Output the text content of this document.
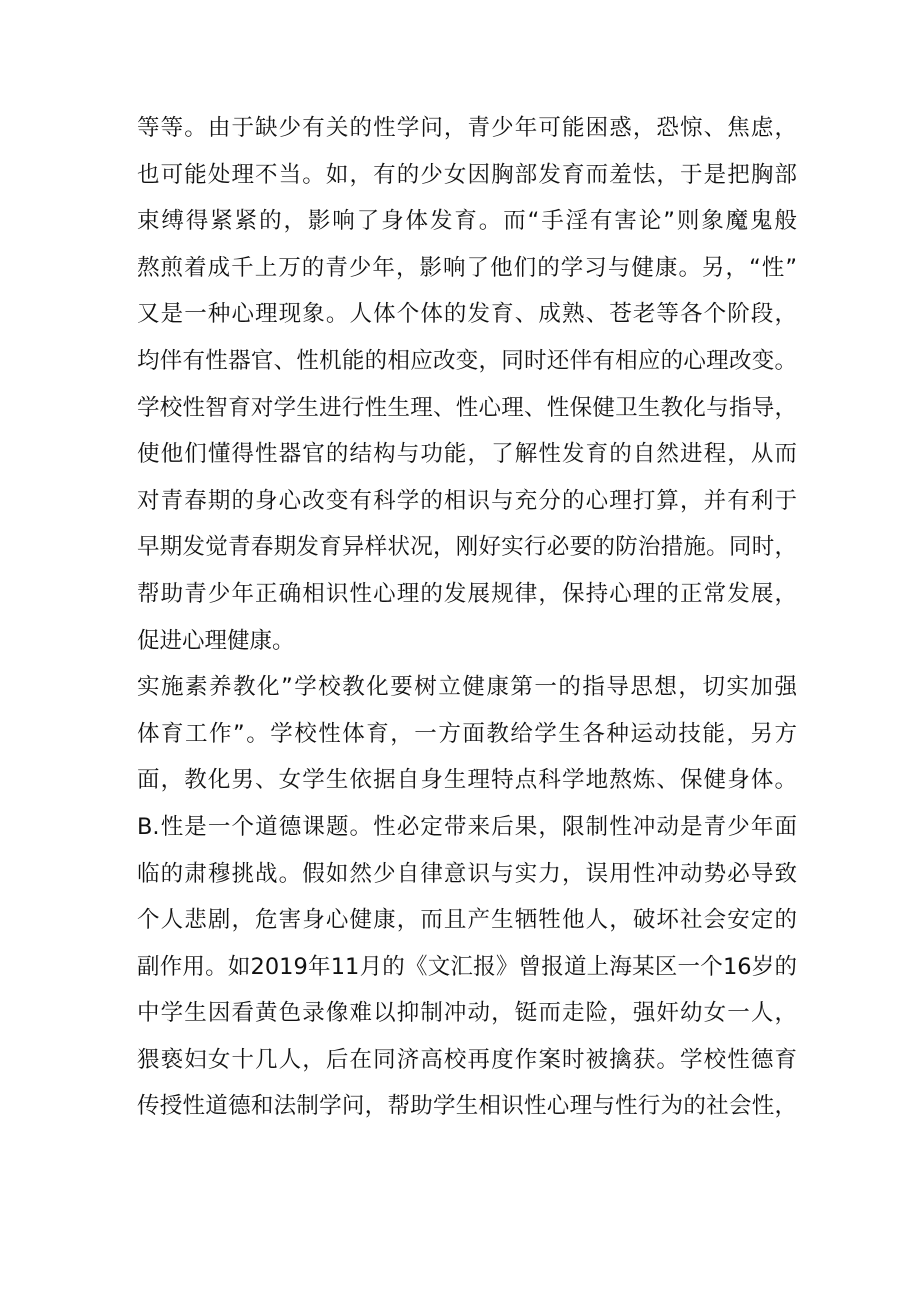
等等。由于缺少有关的性学问，青少年可能困惑，恐惊、焦虑，
也可能处理不当。如，有的少女因胸部发育而羞怯，于是把胸部
束缚得紧紧的，影响了身体发育。而“手淫有害论”则象魔鬼般
熬煎着成千上万的青少年，影响了他们的学习与健康。另，“性”
又是一种心理现象。人体个体的发育、成熟、苍老等各个阶段，
均伴有性器官、性机能的相应改变，同时还伴有相应的心理改变。
学校性智育对学生进行性生理、性心理、性保健卫生教化与指导，
使他们懂得性器官的结构与功能，了解性发育的自然进程，从而
对青春期的身心改变有科学的相识与充分的心理打算，并有利于
早期发觉青春期发育异样状况，刚好实行必要的防治措施。同时，
帮助青少年正确相识性心理的发展规律，保持心理的正常发展，
促进心理健康。
实施素养教化”学校教化要树立健康第一的指导思想，切实加强
体育工作”。学校性体育，一方面教给学生各种运动技能，另方
面，教化男、女学生依据自身生理特点科学地熬炼、保健身体。
B.性是一个道德课题。性必定带来后果，限制性冲动是青少年面
临的肃穆挑战。假如然少自律意识与实力，误用性冲动势必导致
个人悲剧，危害身心健康，而且产生牺牲他人，破坏社会安定的
副作用。如2019年11月的《文汇报》曾报道上海某区一个16岁的
中学生因看黄色录像难以抑制冲动，铤而走险，强奸幼女一人，
猥亵妇女十几人，后在同济高校再度作案时被擒获。学校性德育
传授性道德和法制学问，帮助学生相识性心理与性行为的社会性，
